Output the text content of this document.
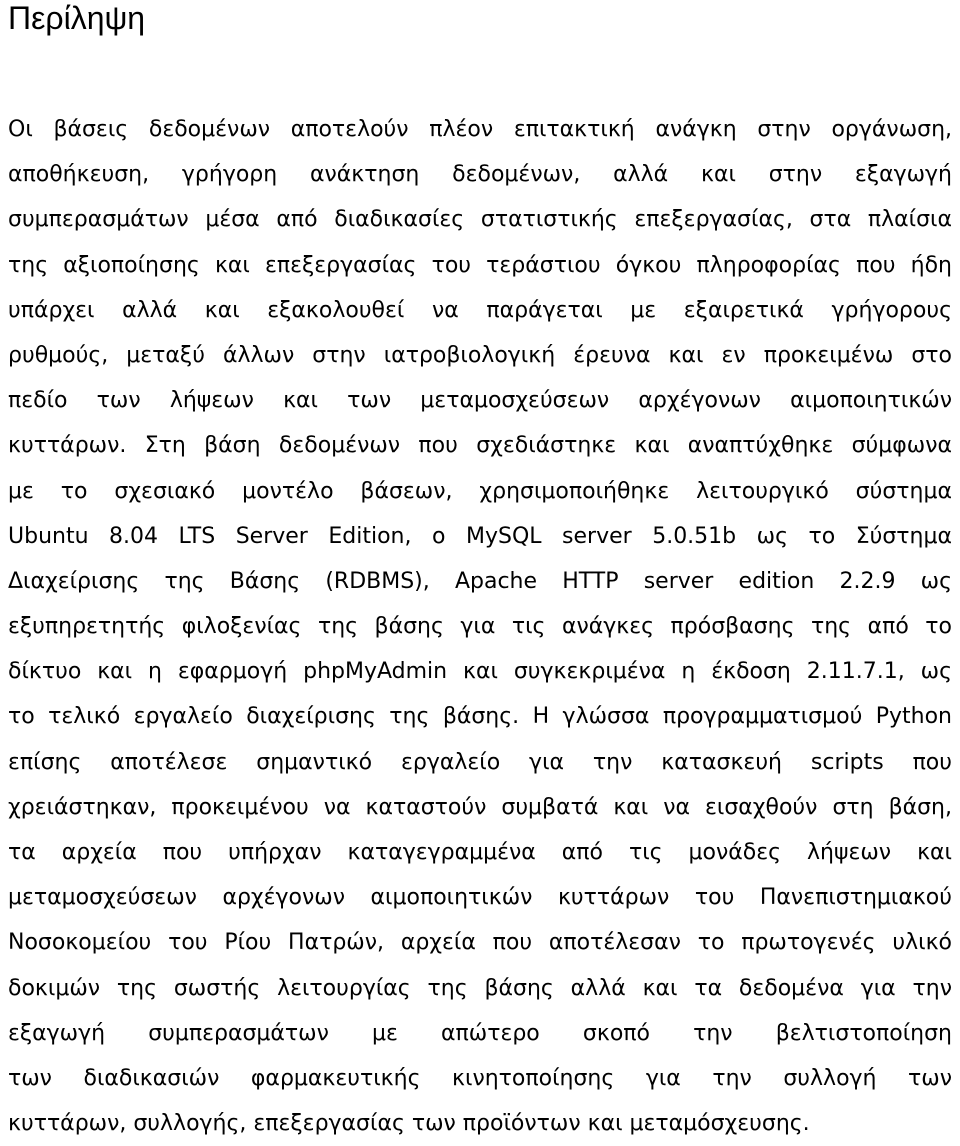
Περίληψη
Οι βάσεις δεδομένων αποτελούν πλέον επιτακτική ανάγκη στην οργάνωση,
αποθήκευση, γρήγορη ανάκτηση δεδομένων, αλλά και στην εξαγωγή
συμπερασμάτων μέσα από διαδικασίες στατιστικής επεξεργασίας, στα πλαίσια
της αξιοποίησης και επεξεργασίας του τεράστιου όγκου πληροφορίας που ήδη
υπάρχει αλλά και εξακολουθεί να παράγεται με εξαιρετικά γρήγορους
ρυθμούς, μεταξύ άλλων στην ιατροβιολογική έρευνα και εν προκειμένω στο
πεδίο των λήψεων και των μεταμοσχεύσεων αρχέγονων αιμοποιητικών
κυττάρων. Στη βάση δεδομένων που σχεδιάστηκε και αναπτύχθηκε σύμφωνα
με το σχεσιακό μοντέλο βάσεων, χρησιμοποιήθηκε λειτουργικό σύστημα
Ubuntu 8.04 LTS Server Edition, ο MySQL server 5.0.51b ως το Σύστημα
Διαχείρισης της Βάσης (RDBMS), Apache HTTP server edition 2.2.9 ως
εξυπηρετητής φιλοξενίας της βάσης για τις ανάγκες πρόσβασης της από το
δίκτυο και η εφαρμογή phpMyAdmin και συγκεκριμένα η έκδοση 2.11.7.1, ως
το τελικό εργαλείο διαχείρισης της βάσης. Η γλώσσα προγραμματισμού Python
επίσης αποτέλεσε σημαντικό εργαλείο για την κατασκευή scripts που
χρειάστηκαν, προκειμένου να καταστούν συμβατά και να εισαχθούν στη βάση,
τα αρχεία που υπήρχαν καταγεγραμμένα από τις μονάδες λήψεων και
μεταμοσχεύσεων αρχέγονων αιμοποιητικών κυττάρων του Πανεπιστημιακού
Νοσοκομείου του Ρίου Πατρών, αρχεία που αποτέλεσαν το πρωτογενές υλικό
δοκιμών της σωστής λειτουργίας της βάσης αλλά και τα δεδομένα για την
εξαγωγή συμπερασμάτων με απώτερο σκοπό την βελτιστοποίηση
των διαδικασιών φαρμακευτικής κινητοποίησης για την συλλογή των
κυττάρων, συλλογής, επεξεργασίας των προϊόντων και μεταμόσχευσης.
